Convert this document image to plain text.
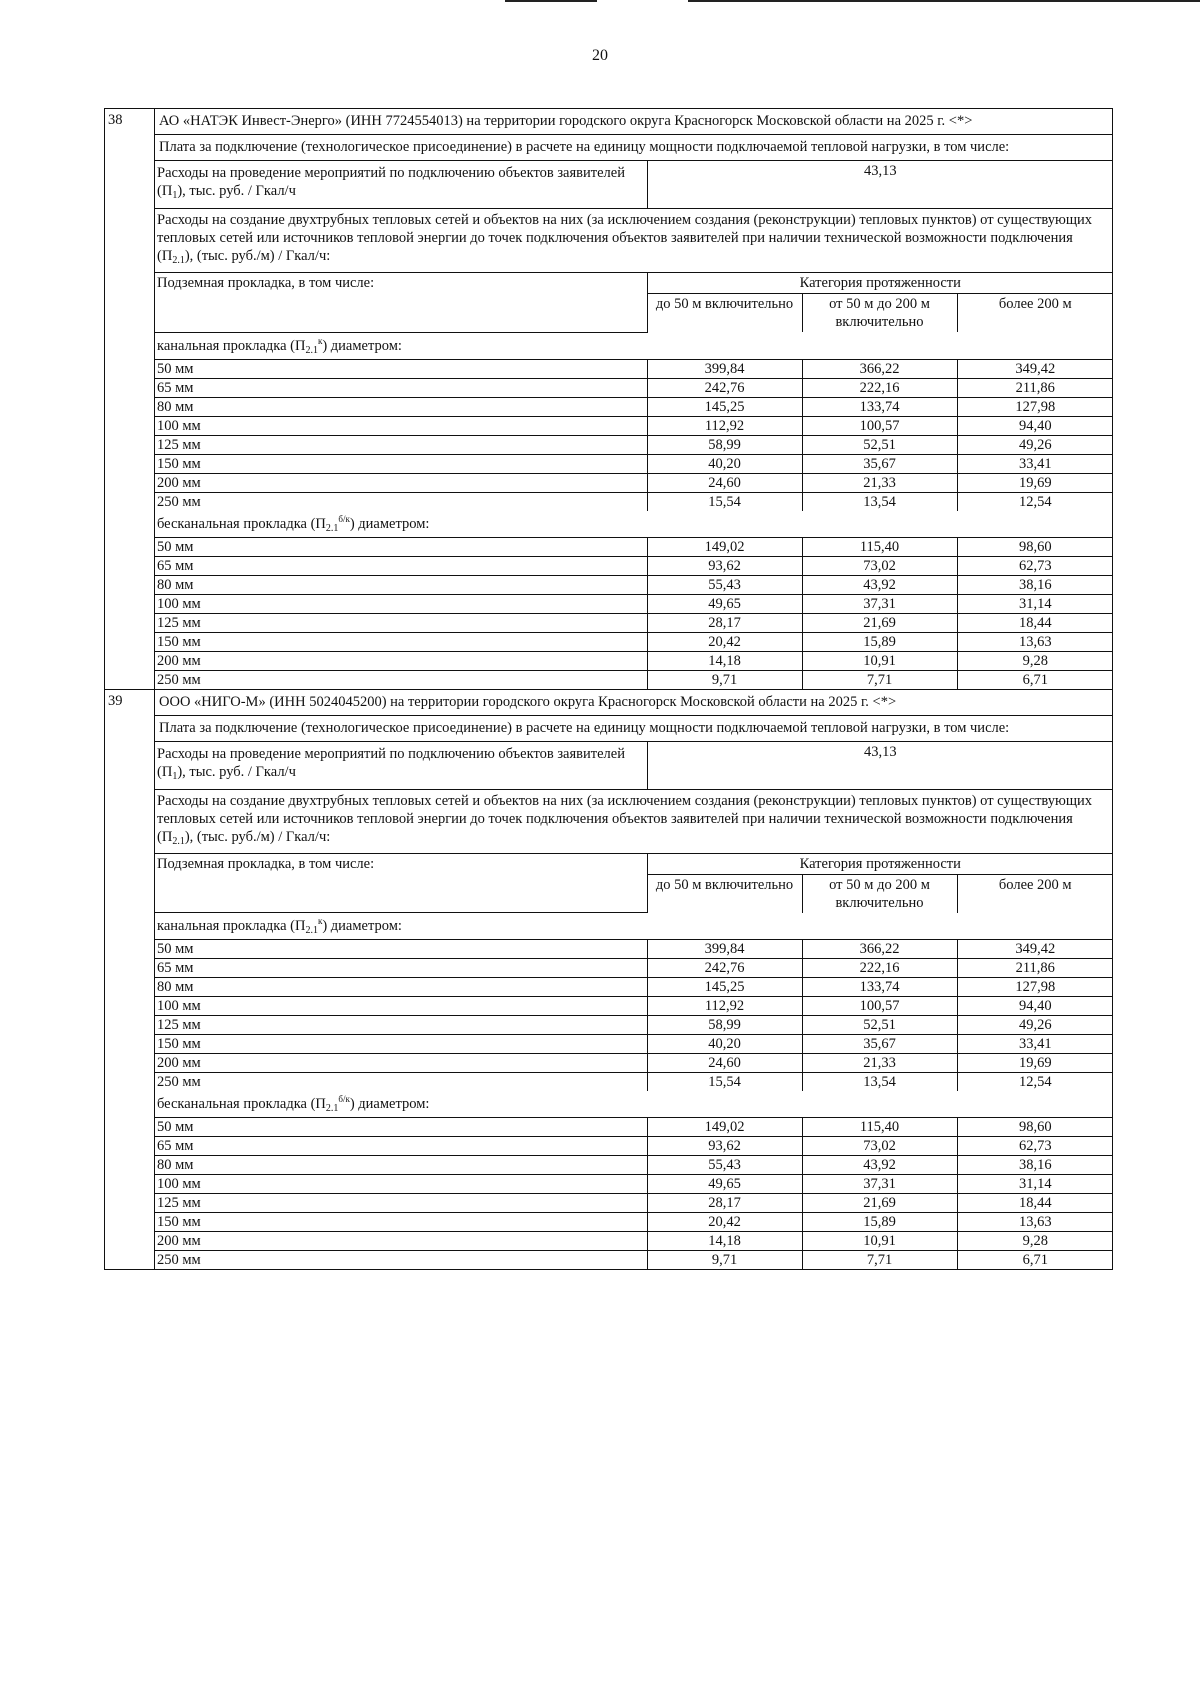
20
38		АО «НАТЭК Инвест-Энерго» (ИНН 7724554013) на территории городского округа Красногорск Московской области на 2025 г. <*>
Плата за подключение (технологическое присоединение) в расчете на единицу мощности подключаемой тепловой нагрузки, в том числе:
Расходы на проведение мероприятий по подключению объектов заявителей $(П_1)$, тыс. руб. / Гкал/ч	43,13
Расходы на создание двухтрубных тепловых сетей и объектов на них (за исключением создания (реконструкции) тепловых пунктов) от существующих тепловых сетей или источников тепловой энергии до точек подключения объектов заявителей при наличии технической возможности подключения $(П_{2.1})$, (тыс. руб./м) / Гкал/ч:
Подземная прокладка, в том числе:	Категория протяженности
до 50 м включительно	от 50 м до 200 м включительно	более 200 м
канальная прокладка $(П_{2.1}^к)$ диаметром:
50 мм	399,84	366,22	349,42
65 мм	242,76	222,16	211,86
80 мм	145,25	133,74	127,98
100 мм	112,92	100,57	94,40
125 мм	58,99	52,51	49,26
150 мм	40,20	35,67	33,41
200 мм	24,60	21,33	19,69
250 мм	15,54	13,54	12,54
бесканальная прокладка $(П_{2.1}^{б/к})$ диаметром:
50 мм	149,02	115,40	98,60
65 мм	93,62	73,02	62,73
80 мм	55,43	43,92	38,16
100 мм	49,65	37,31	31,14
125 мм	28,17	21,69	18,44
150 мм	20,42	15,89	13,63
200 мм	14,18	10,91	9,28
250 мм	9,71	7,71	6,71

39		ООО «НИГО-М» (ИНН 5024045200) на территории городского округа Красногорск Московской области на 2025 г. <*>
Плата за подключение (технологическое присоединение) в расчете на единицу мощности подключаемой тепловой нагрузки, в том числе:
Расходы на проведение мероприятий по подключению объектов заявителей $(П_1)$, тыс. руб. / Гкал/ч	43,13
Расходы на создание двухтрубных тепловых сетей и объектов на них (за исключением создания (реконструкции) тепловых пунктов) от существующих тепловых сетей или источников тепловой энергии до точек подключения объектов заявителей при наличии технической возможности подключения $(П_{2.1})$, (тыс. руб./м) / Гкал/ч:
Подземная прокладка, в том числе:	Категория протяженности
до 50 м включительно	от 50 м до 200 м включительно	более 200 м
канальная прокладка $(П_{2.1}^к)$ диаметром:
50 мм	399,84	366,22	349,42
65 мм	242,76	222,16	211,86
80 мм	145,25	133,74	127,98
100 мм	112,92	100,57	94,40
125 мм	58,99	52,51	49,26
150 мм	40,20	35,67	33,41
200 мм	24,60	21,33	19,69
250 мм	15,54	13,54	12,54
бесканальная прокладка $(П_{2.1}^{б/к})$ диаметром:
50 мм	149,02	115,40	98,60
65 мм	93,62	73,02	62,73
80 мм	55,43	43,92	38,16
100 мм	49,65	37,31	31,14
125 мм	28,17	21,69	18,44
150 мм	20,42	15,89	13,63
200 мм	14,18	10,91	9,28
250 мм	9,71	7,71	6,71
